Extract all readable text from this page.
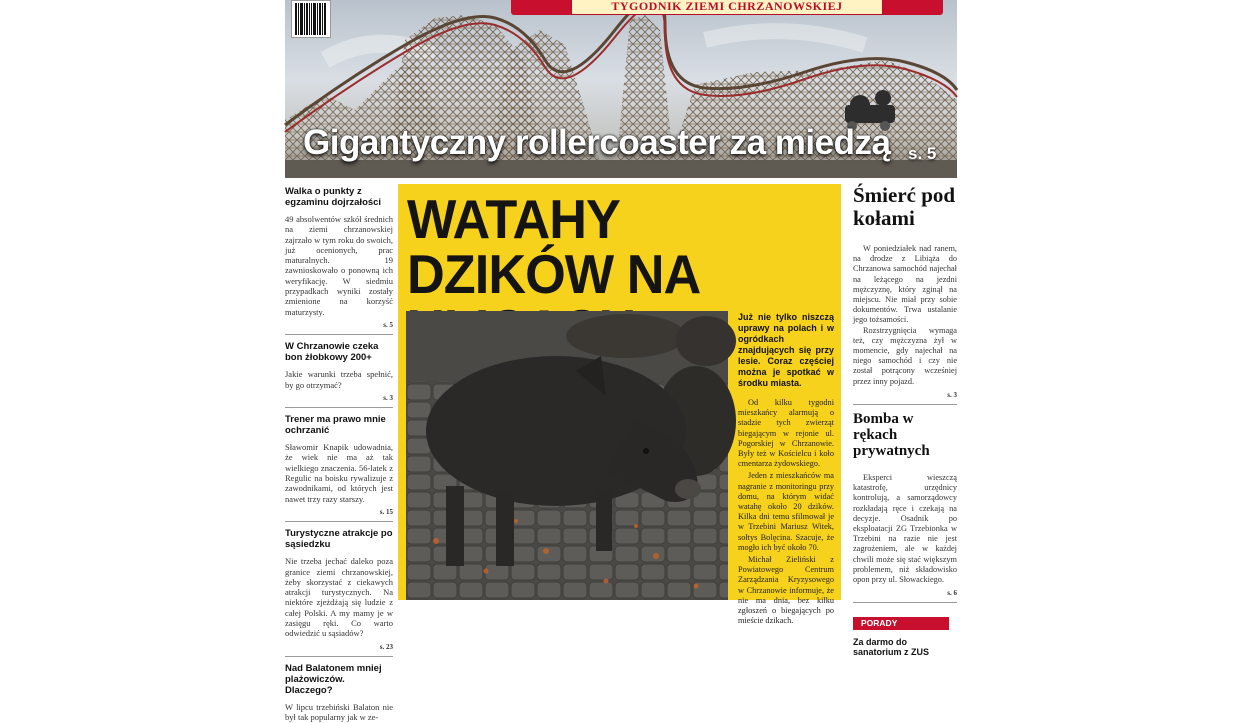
TYGODNIK ZIEMI CHRZANOWSKIEJ
Gigantyczny rollercoaster za miedzą s. 5
Walka o punkty z egzaminu dojrzałości

49 absolwentów szkół średnich na ziemi chrzanowskiej zajrzało w tym roku do swoich, już ocenionych, prac maturalnych. 19 zawnioskowało o ponowną ich weryfikację. W siedmiu przypadkach wyniki zostały zmienione na korzyść maturzysty.

s. 5
W Chrzanowie czeka bon żłobkowy 200+

Jakie warunki trzeba spełnić, by go otrzymać?

s. 3
Trener ma prawo mnie ochrzanić

Sławomir Knapik udowadnia, że wiek nie ma aż tak wielkiego znaczenia. 56-latek z Regulic na boisku rywalizuje z zawodnikami, od których jest nawet trzy razy starszy.

s. 15
Turystyczne atrakcje po sąsiedzku

Nie trzeba jechać daleko poza granice ziemi chrzanowskiej, żeby skorzystać z ciekawych atrakcji turystycznych. Na niektóre zjeżdżają się ludzie z całej Polski. A my mamy je w zasięgu ręki. Co warto odwiedzić u sąsiadów?

s. 23
Nad Balatonem mniej plażowiczów. Dlaczego?

W lipcu trzebiński Balaton nie był tak popularny jak w ze-

WATAHY DZIKÓW NA

Już nie tylko niszczą uprawy na polach i w ogródkach znajdujących się przy lesie. Coraz częściej można je spotkać w środku miasta.

Od kilku tygodni mieszkańcy alarmują o stadzie tych zwierząt biegającym w rejonie ul. Pogorskiej w Chrzanowie. Były też w Kościelcu i koło cmentarza żydowskiego.

Jeden z mieszkańców ma nagranie z monitoringu przy domu, na którym widać watahę około 20 dzików. Kilka dni temu sfilmował je w Trzebini Mariusz Witek, sołtys Bolęcina. Szacuje, że mogło ich być około 70.

Michał Zieliński z Powiatowego Centrum Zarządzania Kryzysowego w Chrzanowie informuje, że nie ma dnia, bez kilku zgłoszeń o biegających po mieście dzikach.

Śmierć pod kołami

W poniedziałek nad ranem, na drodze z Libiąża do Chrzanowa samochód najechał na leżącego na jezdni mężczyznę, który zginął na miejscu. Nie miał przy sobie dokumentów. Trwa ustalanie jego tożsamości.

Rozstrzygnięcia wymaga też, czy mężczyzna żył w momencie, gdy najechał na niego samochód i czy nie został potrącony wcześniej przez inny pojazd.

s. 3
Bomba w rękach prywatnych

Eksperci wieszczą katastrofę, urzędnicy kontrolują, a samorządowcy rozkładają ręce i czekają na decyzje. Osadnik po eksploatacji ZG Trzebionka w Trzebini na razie nie jest zagrożeniem, ale w każdej chwili może się stać większym problemem, niż składowisko opon przy ul. Słowackiego.

s. 6
PORADY
Za darmo do sanatorium z ZUS
